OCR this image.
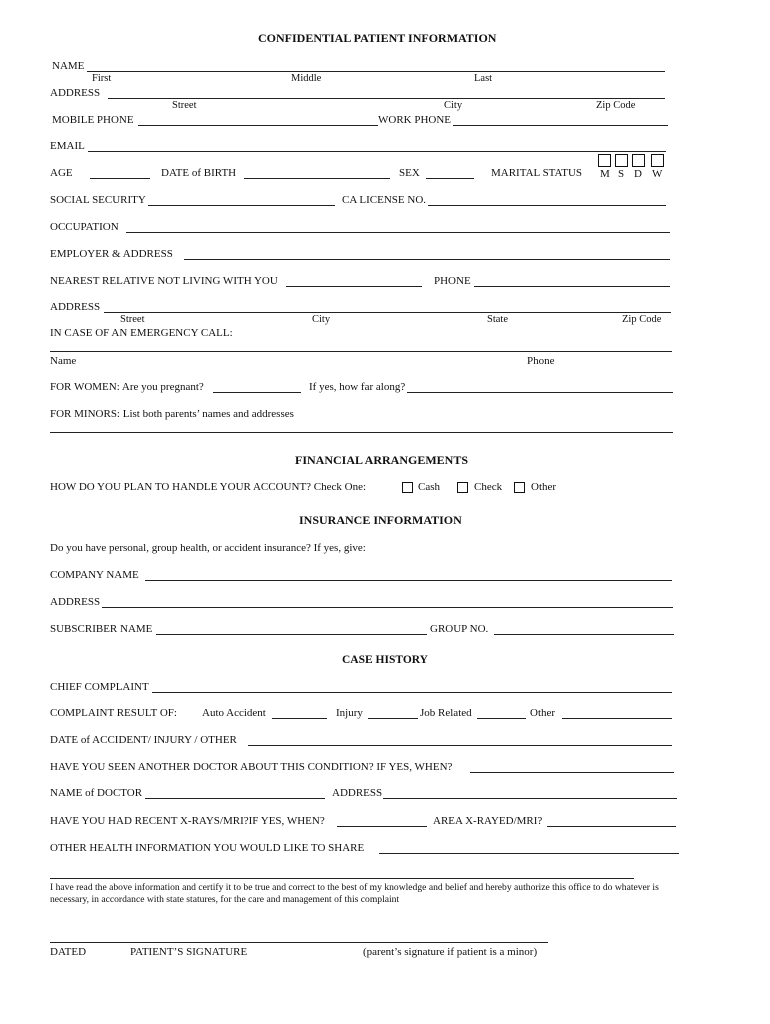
CONFIDENTIAL PATIENT INFORMATION
NAME
First	Middle	Last
ADDRESS
Street	City	Zip Code
MOBILE PHONE	WORK PHONE
EMAIL
AGE	DATE of BIRTH	SEX	MARITAL STATUS M S D W
SOCIAL SECURITY	CA LICENSE NO.
OCCUPATION
EMPLOYER & ADDRESS
NEAREST RELATIVE NOT LIVING WITH YOU	PHONE
ADDRESS
Street	City	State	Zip Code
IN CASE OF AN EMERGENCY CALL:
Name	Phone
FOR WOMEN: Are you pregnant?	If yes, how far along?
FOR MINORS: List both parents’ names and addresses
FINANCIAL ARRANGEMENTS
HOW DO YOU PLAN TO HANDLE YOUR ACCOUNT? Check One:	Cash	Check	Other
INSURANCE INFORMATION
Do you have personal, group health, or accident insurance? If yes, give:
COMPANY NAME
ADDRESS
SUBSCRIBER NAME	GROUP NO.
CASE HISTORY
CHIEF COMPLAINT
COMPLAINT RESULT OF: Auto Accident	Injury	Job Related	Other
DATE of ACCIDENT/ INJURY / OTHER
HAVE YOU SEEN ANOTHER DOCTOR ABOUT THIS CONDITION? IF YES, WHEN?
NAME of DOCTOR	ADDRESS
HAVE YOU HAD RECENT X-RAYS/MRI?IF YES, WHEN?	AREA X-RAYED/MRI?
OTHER HEALTH INFORMATION YOU WOULD LIKE TO SHARE
I have read the above information and certify it to be true and correct to the best of my knowledge and belief and hereby authorize this office to do whatever is necessary, in accordance with state statures, for the care and management of this complaint
DATED	PATIENT’S SIGNATURE	(parent’s signature if patient is a minor)
